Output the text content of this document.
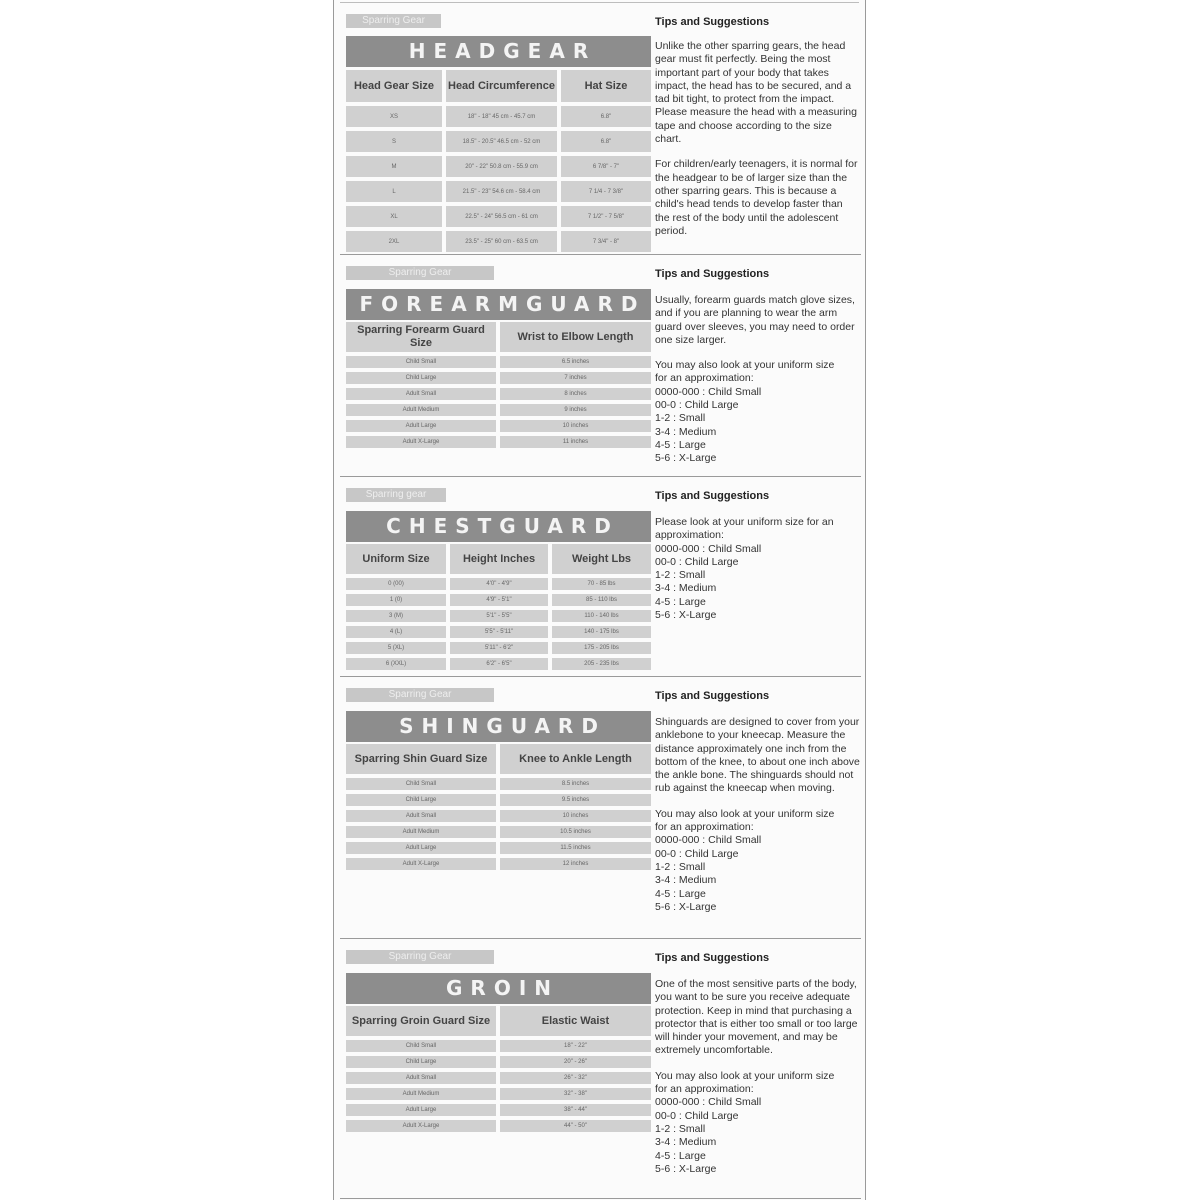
Sparring Gear
HEADGEAR
Head Gear Size	Head Circumference	Hat Size
XS	18" - 18" 45 cm - 45.7 cm	6.8"
S	18.5" - 20.5" 46.5 cm - 52 cm	6.8"
M	20" - 22" 50.8 cm - 55.9 cm	6 7/8" - 7"
L	21.5" - 23" 54.6 cm - 58.4 cm	7 1/4 - 7 3/8"
XL	22.5" - 24" 56.5 cm - 61 cm	7 1/2" - 7 5/8"
2XL	23.5" - 25" 60 cm - 63.5 cm	7 3/4" - 8"
Tips and Suggestions

Unlike the other sparring gears, the head gear must fit perfectly. Being the most important part of your body that takes impact, the head has to be secured, and a tad bit tight, to protect from the impact. Please measure the head with a measuring tape and choose according to the size chart.

For children/early teenagers, it is normal for the headgear to be of larger size than the other sparring gears. This is because a child's head tends to develop faster than the rest of the body until the adolescent period.

Sparring Gear
FOREARMGUARD
Sparring Forearm Guard Size	Wrist to Elbow Length
Child Small	6.5 inches
Child Large	7 inches
Adult Small	8 inches
Adult Medium	9 inches
Adult Large	10 inches
Adult X-Large	11 inches
Tips and Suggestions

Usually, forearm guards match glove sizes, and if you are planning to wear the arm guard over sleeves, you may need to order one size larger.

You may also look at your uniform size
for an approximation:
0000-000 : Child Small
00-0 : Child Large
1-2 : Small
3-4 : Medium
4-5 : Large
5-6 : X-Large
Sparring gear
CHESTGUARD
Uniform Size	Height Inches	Weight Lbs
0 (00)	4'0" - 4'9"	70 - 85 lbs
1 (0)	4'9" - 5'1"	85 - 110 lbs
3 (M)	5'1" - 5'5"	110 - 140 lbs
4 (L)	5'5" - 5'11"	140 - 175 lbs
5 (XL)	5'11" - 6'2"	175 - 205 lbs
6 (XXL)	6'2" - 6'5"	205 - 235 lbs
Tips and Suggestions
Please look at your uniform size for an
approximation:
0000-000 : Child Small
00-0 : Child Large
1-2 : Small
3-4 : Medium
4-5 : Large
5-6 : X-Large
Sparring Gear
SHINGUARD
Sparring Shin Guard Size	Knee to Ankle Length
Child Small	8.5 inches
Child Large	9.5 inches
Adult Small	10 inches
Adult Medium	10.5 inches
Adult Large	11.5 inches
Adult X-Large	12 inches
Tips and Suggestions

Shinguards are designed to cover from your anklebone to your kneecap. Measure the distance approximately one inch from the bottom of the knee, to about one inch above the ankle bone. The shinguards should not rub against the kneecap when moving.

You may also look at your uniform size
for an approximation:
0000-000 : Child Small
00-0 : Child Large
1-2 : Small
3-4 : Medium
4-5 : Large
5-6 : X-Large
Sparring Gear
GROIN
Sparring Groin Guard Size	Elastic Waist
Child Small	18" - 22"
Child Large	20" - 26"
Adult Small	26" - 32"
Adult Medium	32" - 38"
Adult Large	38" - 44"
Adult X-Large	44" - 50"
Tips and Suggestions

One of the most sensitive parts of the body, you want to be sure you receive adequate protection. Keep in mind that purchasing a protector that is either too small or too large will hinder your movement, and may be extremely uncomfortable.

You may also look at your uniform size
for an approximation:
0000-000 : Child Small
00-0 : Child Large
1-2 : Small
3-4 : Medium
4-5 : Large
5-6 : X-Large
